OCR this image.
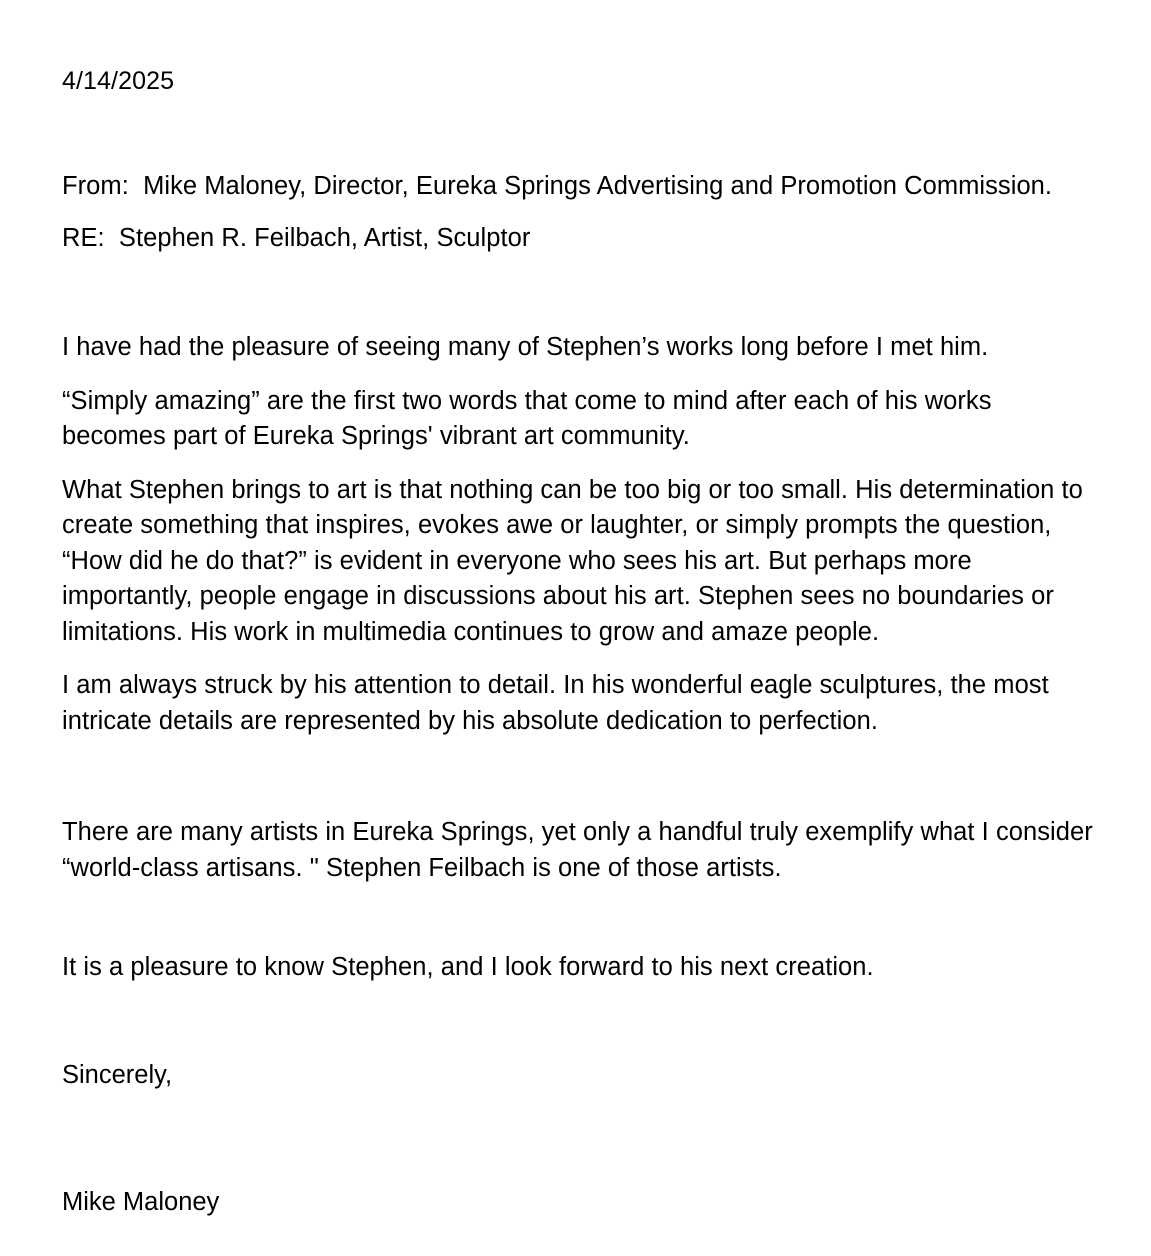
4/14/2025

From:  Mike Maloney, Director, Eureka Springs Advertising and Promotion Commission.

RE:  Stephen R. Feilbach, Artist, Sculptor

I have had the pleasure of seeing many of Stephen’s works long before I met him.

“Simply amazing” are the first two words that come to mind after each of his works becomes part of Eureka Springs' vibrant art community.

What Stephen brings to art is that nothing can be too big or too small. His determination to create something that inspires, evokes awe or laughter, or simply prompts the question, “How did he do that?” is evident in everyone who sees his art. But perhaps more importantly, people engage in discussions about his art. Stephen sees no boundaries or limitations. His work in multimedia continues to grow and amaze people.

I am always struck by his attention to detail. In his wonderful eagle sculptures, the most intricate details are represented by his absolute dedication to perfection.

There are many artists in Eureka Springs, yet only a handful truly exemplify what I consider “world-class artisans. " Stephen Feilbach is one of those artists.

It is a pleasure to know Stephen, and I look forward to his next creation.

Sincerely,

Mike Maloney
